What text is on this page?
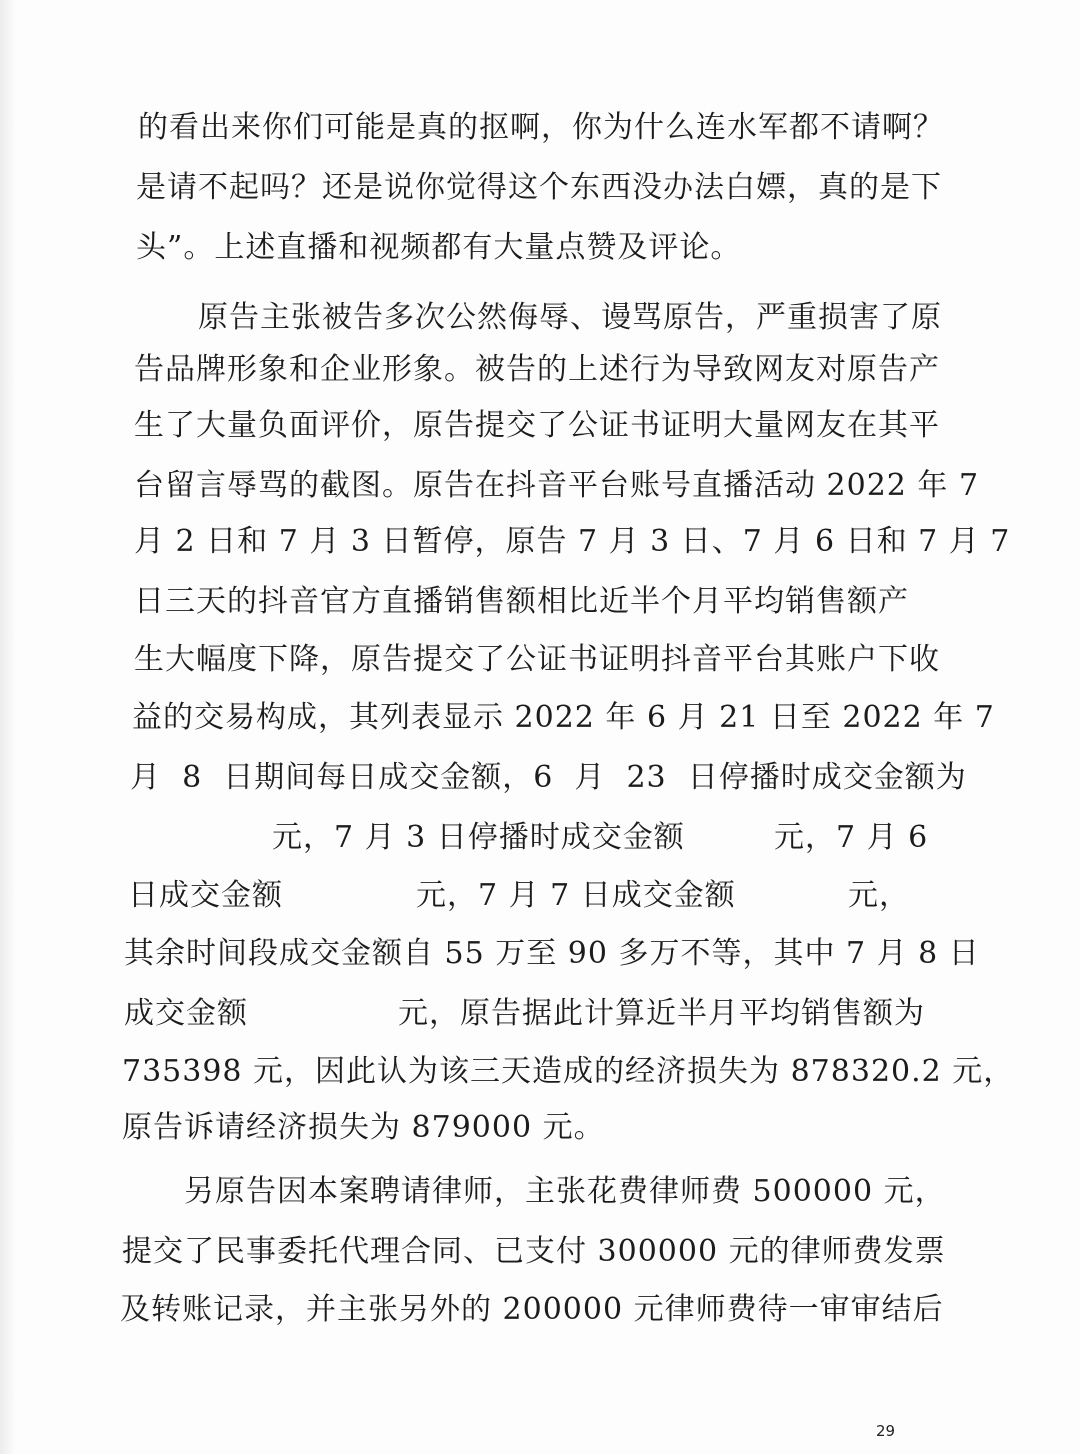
的看出来你们可能是真的抠啊，你为什么连水军都不请啊？
是请不起吗？还是说你觉得这个东西没办法白嫖，真的是下
头”。上述直播和视频都有大量点赞及评论。
原告主张被告多次公然侮辱、谩骂原告，严重损害了原
告品牌形象和企业形象。被告的上述行为导致网友对原告产
生了大量负面评价，原告提交了公证书证明大量网友在其平
台留言辱骂的截图。原告在抖音平台账号直播活动 2022 年 7
月 2 日和 7 月 3 日暂停，原告 7 月 3 日、7 月 6 日和 7 月 7
日三天的抖音官方直播销售额相比近半个月平均销售额产
生大幅度下降，原告提交了公证书证明抖音平台其账户下收
益的交易构成，其列表显示 2022 年 6 月 21 日至 2022 年 7
月  8  日期间每日成交金额，6  月  23  日停播时成交金额为
元，7 月 3 日停播时成交金额	元，7 月 6
日成交金额	元，7 月 7 日成交金额	元，
其余时间段成交金额自 55 万至 90 多万不等，其中 7 月 8 日
成交金额	元，原告据此计算近半月平均销售额为
735398 元，因此认为该三天造成的经济损失为 878320.2 元，
原告诉请经济损失为 879000 元。
另原告因本案聘请律师，主张花费律师费 500000 元，
提交了民事委托代理合同、已支付 300000 元的律师费发票
及转账记录，并主张另外的 200000 元律师费待一审审结后
29
